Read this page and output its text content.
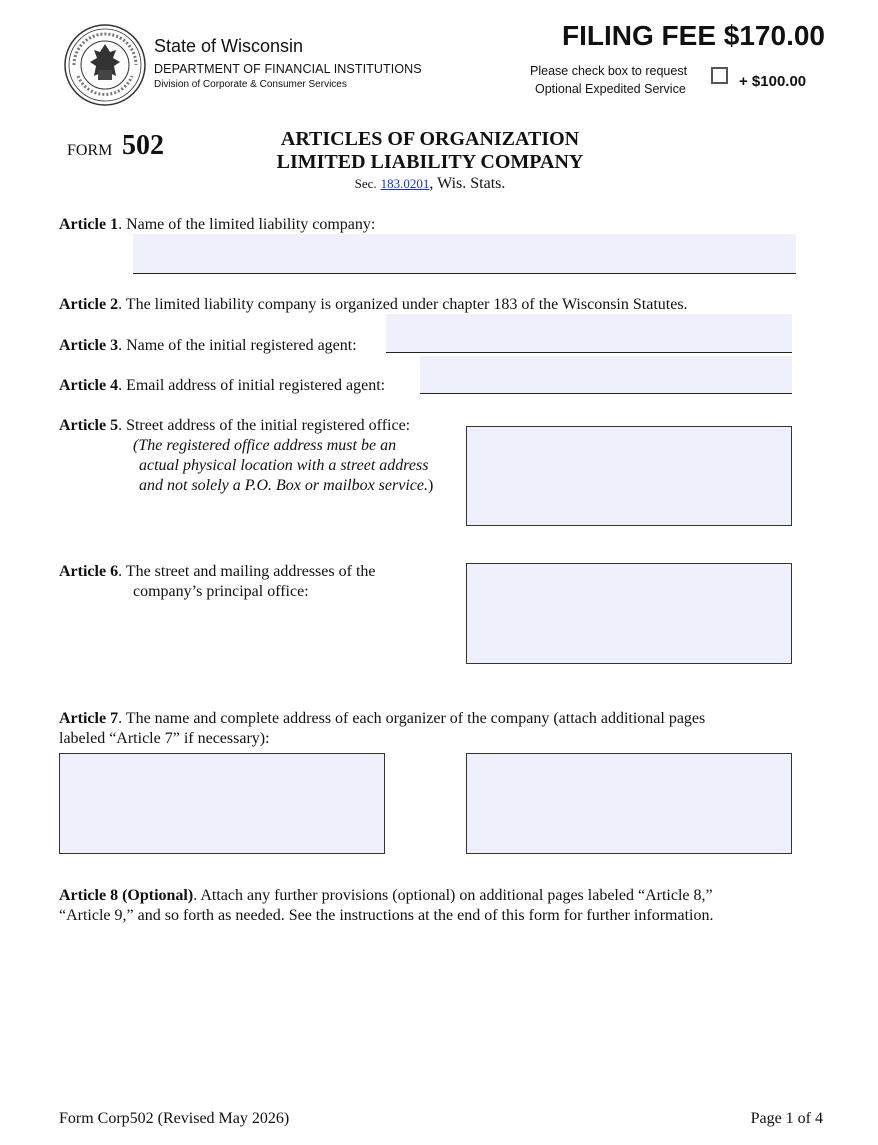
State of Wisconsin
DEPARTMENT OF FINANCIAL INSTITUTIONS
Division of Corporate & Consumer Services
FILING FEE $170.00
Please check box to request
Optional Expedited Service	+ $100.00
FORM 502	ARTICLES OF ORGANIZATION
LIMITED LIABILITY COMPANY
Sec. 183.0201, Wis. Stats.
Article 1. Name of the limited liability company:
Article 2. The limited liability company is organized under chapter 183 of the Wisconsin Statutes.
Article 3. Name of the initial registered agent:
Article 4. Email address of initial registered agent:
Article 5. Street address of the initial registered office:
(The registered office address must be an
actual physical location with a street address
and not solely a P.O. Box or mailbox service.)
Article 6. The street and mailing addresses of the
company’s principal office:
Article 7. The name and complete address of each organizer of the company (attach additional pages
labeled “Article 7” if necessary):
Article 8 (Optional). Attach any further provisions (optional) on additional pages labeled “Article 8,”
“Article 9,” and so forth as needed. See the instructions at the end of this form for further information.
Form Corp502 (Revised May 2026)	Page 1 of 4
